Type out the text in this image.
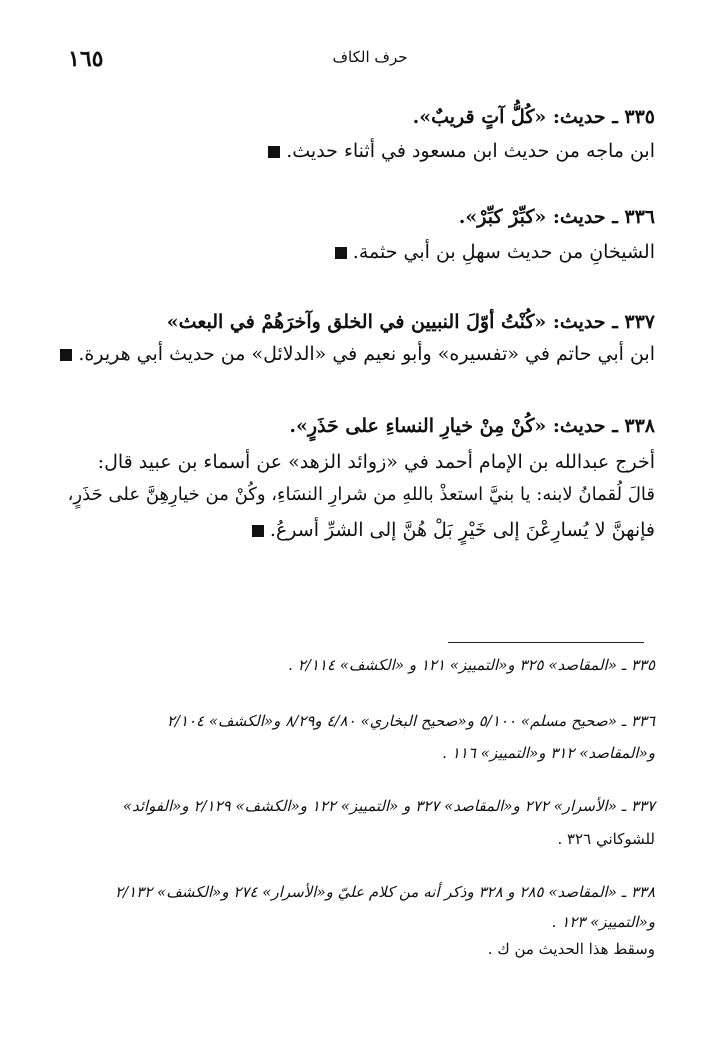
١٦٥	حرف الكاف
٣٣٥ ـ حديث: «كُلُّ آتٍ قريبٌ».
ابن ماجه من حديث ابن مسعود في أثناء حديث.
٣٣٦ ـ حديث: «كبِّرْ كبِّرْ».
الشيخانِ من حديث سهلِ بن أبي حثمة.
٣٣٧ ـ حديث: «كُنْتُ أوّلَ النبيين في الخلق وآخرَهُمْ في البعث»
ابن أبي حاتم في «تفسيره» وأبو نعيم في «الدلائل» من حديث أبي هريرة.
٣٣٨ ـ حديث: «كُنْ مِنْ خيارِ النساءِ على حَذَرٍ».
أخرج عبدالله بن الإمام أحمد في «زوائد الزهد» عن أسماء بن عبيد قال:
قالَ لُقمانُ لابنه: يا بنيَّ استعذْ باللهِ من شرارِ النسَاءِ، وكُنْ من خيارِهِنَّ على حَذَرٍ،
فإنهنَّ لا يُسارِعْنَ إلى خَيْرٍ بَلْ هُنَّ إلى الشرِّ أسرعُ.
٣٣٥ ـ «المقاصد» ٣٢٥ و«التمييز» ١٢١ و «الكشف» ٢/١١٤ .
٣٣٦ ـ «صحيح مسلم» ٥/١٠٠ و«صحيح البخاري» ٤/٨٠ و٨/٢٩ و«الكشف» ٢/١٠٤
و«المقاصد» ٣١٢ و«التمييز» ١١٦ .
٣٣٧ ـ «الأسرار» ٢٧٢ و«المقاصد» ٣٢٧ و «التمييز» ١٢٢ و«الكشف» ٢/١٢٩ و«الفوائد»
للشوكاني ٣٢٦ .
٣٣٨ ـ «المقاصد» ٢٨٥ و ٣٢٨ وذكر أنه من كلام عليّ و«الأسرار» ٢٧٤ و«الكشف» ٢/١٣٢
و«التمييز» ١٢٣ .
وسقط هذا الحديث من ك .
